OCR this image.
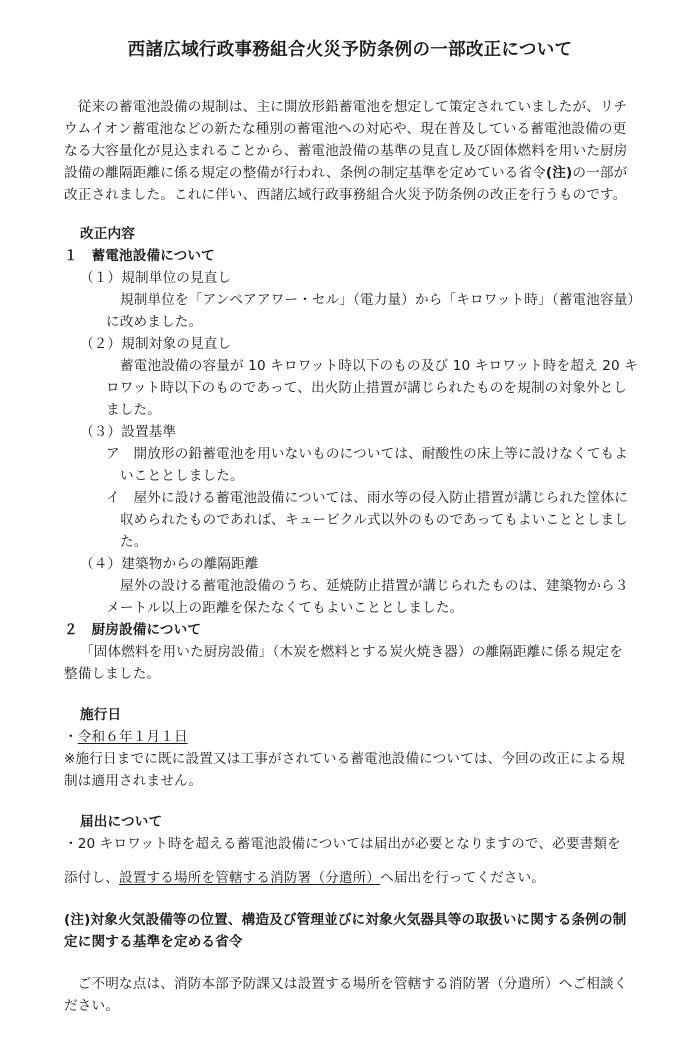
西諸広域行政事務組合火災予防条例の一部改正について
　従来の蓄電池設備の規制は、主に開放形鉛蓄電池を想定して策定されていましたが、リチ
ウムイオン蓄電池などの新たな種別の蓄電池への対応や、現在普及している蓄電池設備の更
なる大容量化が見込まれることから、蓄電池設備の基準の見直し及び固体燃料を用いた厨房
設備の離隔距離に係る規定の整備が行われ、条例の制定基準を定めている省令(注)の一部が
改正されました。これに伴い、西諸広域行政事務組合火災予防条例の改正を行うものです。
改正内容
１　蓄電池設備について
（１）規制単位の見直し
規制単位を「アンペアアワー・セル」（電力量）から「キロワット時」（蓄電池容量）
に改めました。
（２）規制対象の見直し
蓄電池設備の容量が 10 キロワット時以下のもの及び 10 キロワット時を超え 20 キ
ロワット時以下のものであって、出火防止措置が講じられたものを規制の対象外とし
ました。
（３）設置基準
ア　開放形の鉛蓄電池を用いないものについては、耐酸性の床上等に設けなくてもよ
いこととしました。
イ　屋外に設ける蓄電池設備については、雨水等の侵入防止措置が講じられた筐体に
収められたものであれば、キュービクル式以外のものであってもよいこととしまし
た。
（４）建築物からの離隔距離
屋外の設ける蓄電池設備のうち、延焼防止措置が講じられたものは、建築物から３
メートル以上の距離を保たなくてもよいこととしました。
２　厨房設備について
「固体燃料を用いた厨房設備」（木炭を燃料とする炭火焼き器）の離隔距離に係る規定を
整備しました。
施行日
・令和６年１月１日
※施行日までに既に設置又は工事がされている蓄電池設備については、今回の改正による規
制は適用されません。
届出について
・20 キロワット時を超える蓄電池設備については届出が必要となりますので、必要書類を
添付し、設置する場所を管轄する消防署（分遣所）へ届出を行ってください。
(注)対象火気設備等の位置、構造及び管理並びに対象火気器具等の取扱いに関する条例の制
定に関する基準を定める省令
　ご不明な点は、消防本部予防課又は設置する場所を管轄する消防署（分遣所）へご相談く
ださい。
